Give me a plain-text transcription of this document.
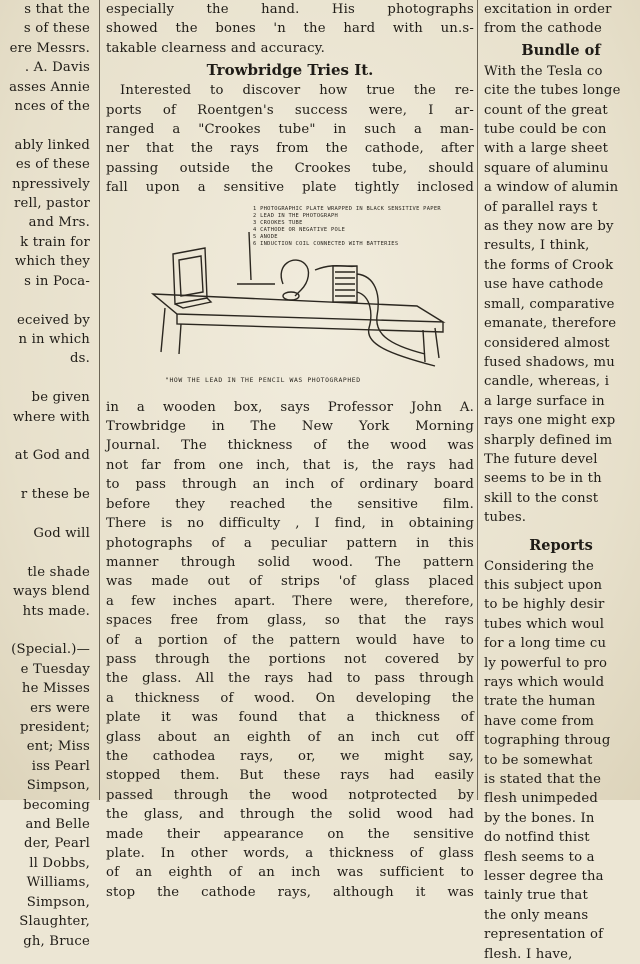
s that the
s of these
ere Messrs.
. A. Davis
asses Annie
nces of the

ably linked
es of these
npressively
rell, pastor
and Mrs.
k train for
which they
s in Poca-

eceived by
n in which
ds.

be given
where with

at God and

r these be

God will

tle shade
ways blend
hts made.

(Special.)—
e Tuesday
he Misses
ers were
president;
ent; Miss
iss Pearl
Simpson,
becoming
and Belle
der, Pearl
ll Dobbs,
Williams,
Simpson,
Slaughter,
gh, Bruce
especially the hand. His photographs
showed the bones 'n the hard with un.s-
takable clearness and accuracy.
Trowbridge Tries It.
Interested to discover how true the re-
ports of Roentgen's success were, I ar-
ranged a "Crookes tube" in such a man-
ner that the rays from the cathode, after
passing outside the Crookes tube, should
fall upon a sensitive plate tightly inclosed
1 PHOTOGRAPHIC PLATE WRAPPED IN BLACK SENSITIVE PAPER
2 LEAD IN THE PHOTOGRAPH
3 CROOKES TUBE
4 CATHODE OR NEGATIVE POLE
5 ANODE
6 INDUCTION COIL CONNECTED WITH BATTERIES
"HOW THE LEAD IN THE PENCIL WAS PHOTOGRAPHED
in a wooden box, says Professor John A.
Trowbridge in The New York Morning
Journal. The thickness of the wood was
not far from one inch, that is, the rays had
to pass through an inch of ordinary board
before they reached the sensitive film.
There is no difficulty , I find, in obtaining
photographs of a peculiar pattern in this
manner through solid wood. The pattern
was made out of strips 'of glass placed
a few inches apart. There were, therefore,
spaces free from glass, so that the rays
of a portion of the pattern would have to
pass through the portions not covered by
the glass. All the rays had to pass through
a thickness of wood. On developing the
plate it was found that a thickness of
glass about an eighth of an inch cut off
the cathodea rays, or, we might say,
stopped them. But these rays had easily
passed through the wood notprotected by
the glass, and through the solid wood had
made their appearance on the sensitive
plate. In other words, a thickness of glass
of an eighth of an inch was sufficient to
stop the cathode rays, although it was
excitation in order
from the cathode
Bundle of
With the Tesla co
cite the tubes longe
count of the great
tube could be con
with a large sheet
square of aluminu
a window of alumin
of parallel rays t
as they now are by
results, I think,
the forms of Crook
use have cathode
small, comparative
emanate, therefore
considered almost
fused shadows, mu
candle, whereas, i
a large surface in
rays one might exp
sharply defined im
The future devel
seems to be in th
skill to the const
tubes.
Reports
Considering the
this subject upon
to be highly desir
tubes which woul
for a long time cu
ly powerful to pro
rays which would
trate the human
have come from
tographing throug
to be somewhat
is stated that the
flesh unimpeded
by the bones. In
do notfind thist
flesh seems to a
lesser degree tha
tainly true that
the only means
representation of
flesh. I have,
